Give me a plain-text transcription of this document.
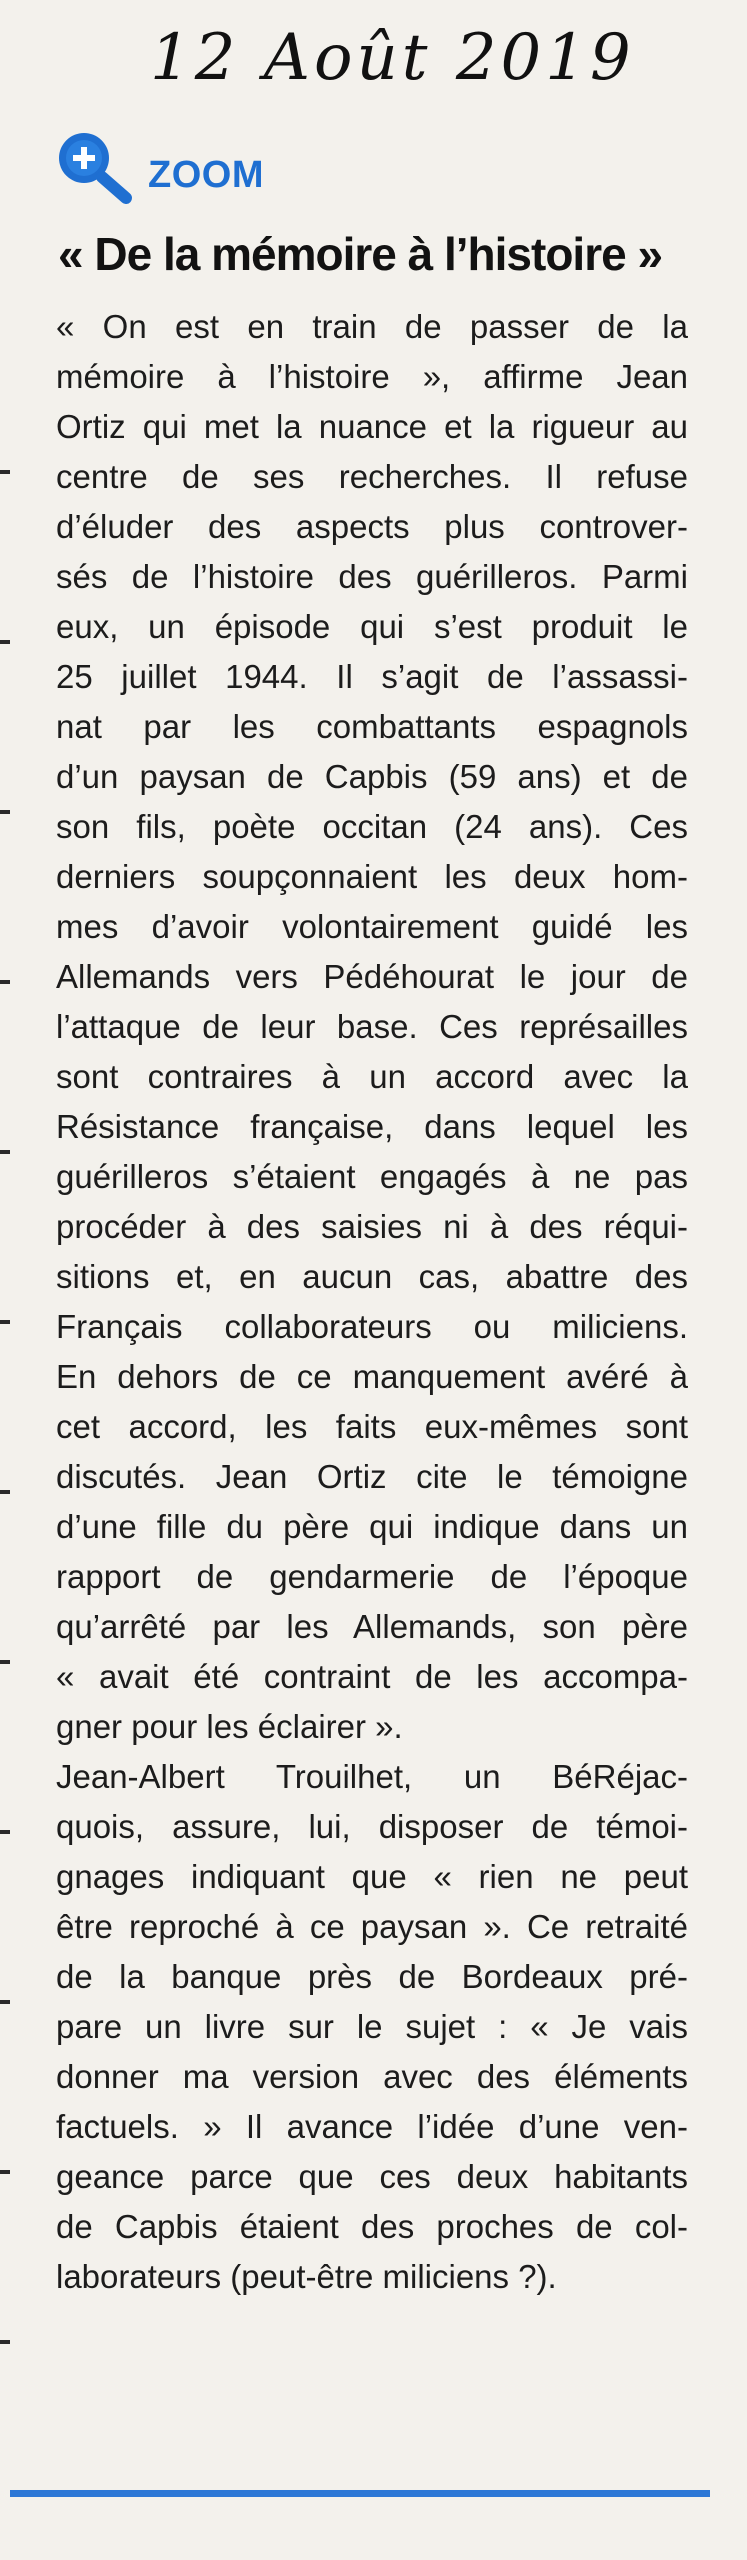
12 Août 2019
ZOOM
« De la mémoire à l’histoire »
« On est en train de passer de la
mémoire à l’histoire », affirme Jean
Ortiz qui met la nuance et la rigueur au
centre de ses recherches. Il refuse
d’éluder des aspects plus controver-
sés de l’histoire des guérilleros. Parmi
eux, un épisode qui s’est produit le
25 juillet 1944. Il s’agit de l’assassi-
nat par les combattants espagnols
d’un paysan de Capbis (59 ans) et de
son fils, poète occitan (24 ans). Ces
derniers soupçonnaient les deux hom-
mes d’avoir volontairement guidé les
Allemands vers Pédéhourat le jour de
l’attaque de leur base. Ces représailles
sont contraires à un accord avec la
Résistance française, dans lequel les
guérilleros s’étaient engagés à ne pas
procéder à des saisies ni à des réqui-
sitions et, en aucun cas, abattre des
Français collaborateurs ou miliciens.
En dehors de ce manquement avéré à
cet accord, les faits eux-mêmes sont
discutés. Jean Ortiz cite le témoigne
d’une fille du père qui indique dans un
rapport de gendarmerie de l’époque
qu’arrêté par les Allemands, son père
« avait été contraint de les accompa-
gner pour les éclairer ».
Jean-Albert Trouilhet, un BéRéjac-
quois, assure, lui, disposer de témoi-
gnages indiquant que « rien ne peut
être reproché à ce paysan ». Ce retraité
de la banque près de Bordeaux pré-
pare un livre sur le sujet : « Je vais
donner ma version avec des éléments
factuels. » Il avance l’idée d’une ven-
geance parce que ces deux habitants
de Capbis étaient des proches de col-
laborateurs (peut-être miliciens ?).
